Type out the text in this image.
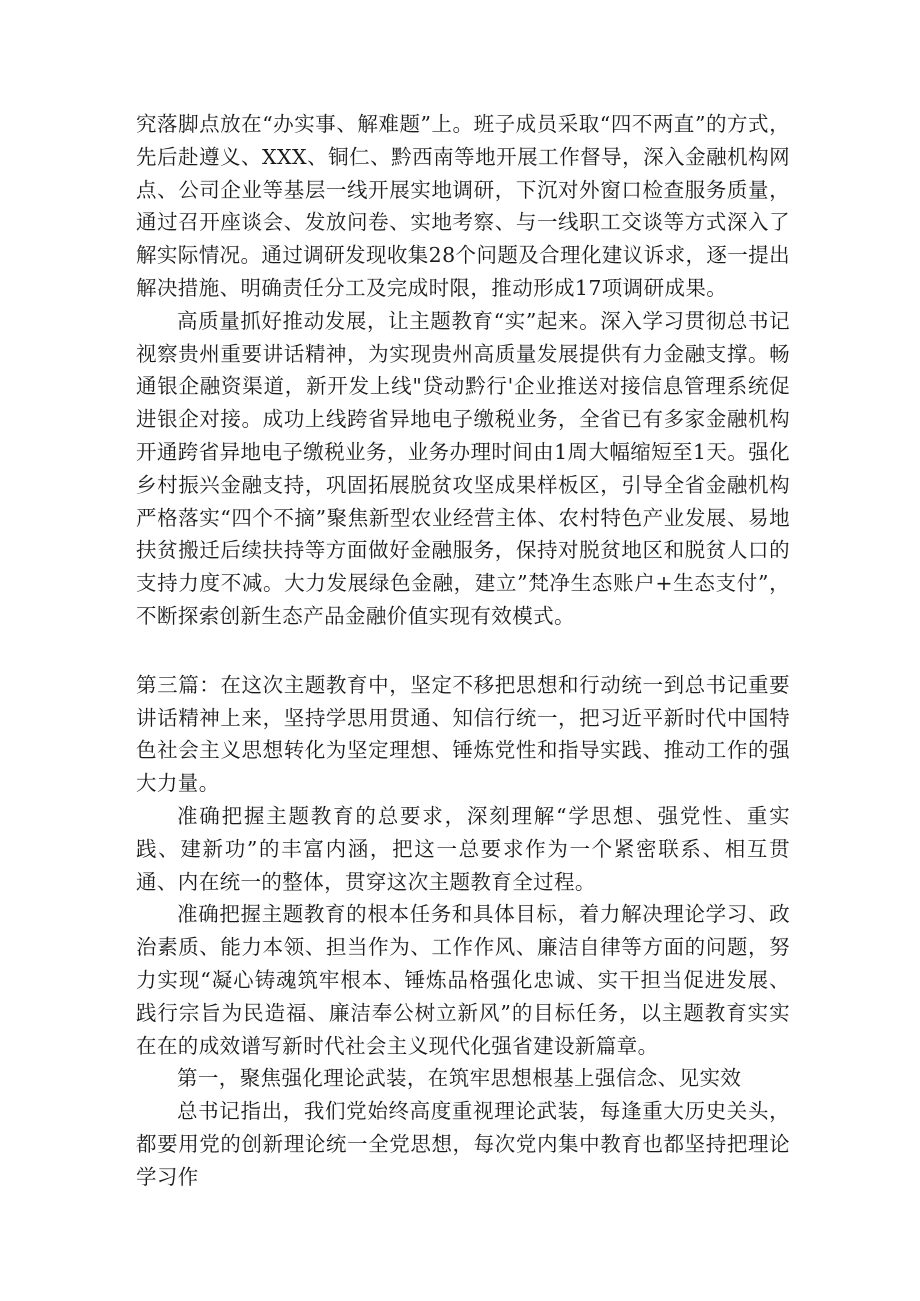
究落脚点放在“办实事、解难题”上。班子成员采取“四不两直”的方式，先后赴遵义、XXX、铜仁、黔西南等地开展工作督导，深入金融机构网点、公司企业等基层一线开展实地调研，下沉对外窗口检查服务质量，通过召开座谈会、发放问卷、实地考察、与一线职工交谈等方式深入了解实际情况。通过调研发现收集28个问题及合理化建议诉求，逐一提出解决措施、明确责任分工及完成时限，推动形成17项调研成果。

高质量抓好推动发展，让主题教育“实”起来。深入学习贯彻总书记视察贵州重要讲话精神，为实现贵州高质量发展提供有力金融支撑。畅通银企融资渠道，新开发上线"贷动黔行'企业推送对接信息管理系统促进银企对接。成功上线跨省异地电子缴税业务，全省已有多家金融机构开通跨省异地电子缴税业务，业务办理时间由1周大幅缩短至1天。强化乡村振兴金融支持，巩固拓展脱贫攻坚成果样板区，引导全省金融机构严格落实“四个不摘”聚焦新型农业经营主体、农村特色产业发展、易地扶贫搬迁后续扶持等方面做好金融服务，保持对脱贫地区和脱贫人口的支持力度不减。大力发展绿色金融，建立”梵净生态账户+生态支付”，不断探索创新生态产品金融价值实现有效模式。

第三篇：在这次主题教育中，坚定不移把思想和行动统一到总书记重要讲话精神上来，坚持学思用贯通、知信行统一，把习近平新时代中国特色社会主义思想转化为坚定理想、锤炼党性和指导实践、推动工作的强大力量。

准确把握主题教育的总要求，深刻理解“学思想、强党性、重实践、建新功”的丰富内涵，把这一总要求作为一个紧密联系、相互贯通、内在统一的整体，贯穿这次主题教育全过程。

准确把握主题教育的根本任务和具体目标，着力解决理论学习、政治素质、能力本领、担当作为、工作作风、廉洁自律等方面的问题，努力实现“凝心铸魂筑牢根本、锤炼品格强化忠诚、实干担当促进发展、践行宗旨为民造福、廉洁奉公树立新风”的目标任务，以主题教育实实在在的成效谱写新时代社会主义现代化强省建设新篇章。

第一，聚焦强化理论武装，在筑牢思想根基上强信念、见实效

总书记指出，我们党始终高度重视理论武装，每逢重大历史关头，都要用党的创新理论统一全党思想，每次党内集中教育也都坚持把理论学习作
